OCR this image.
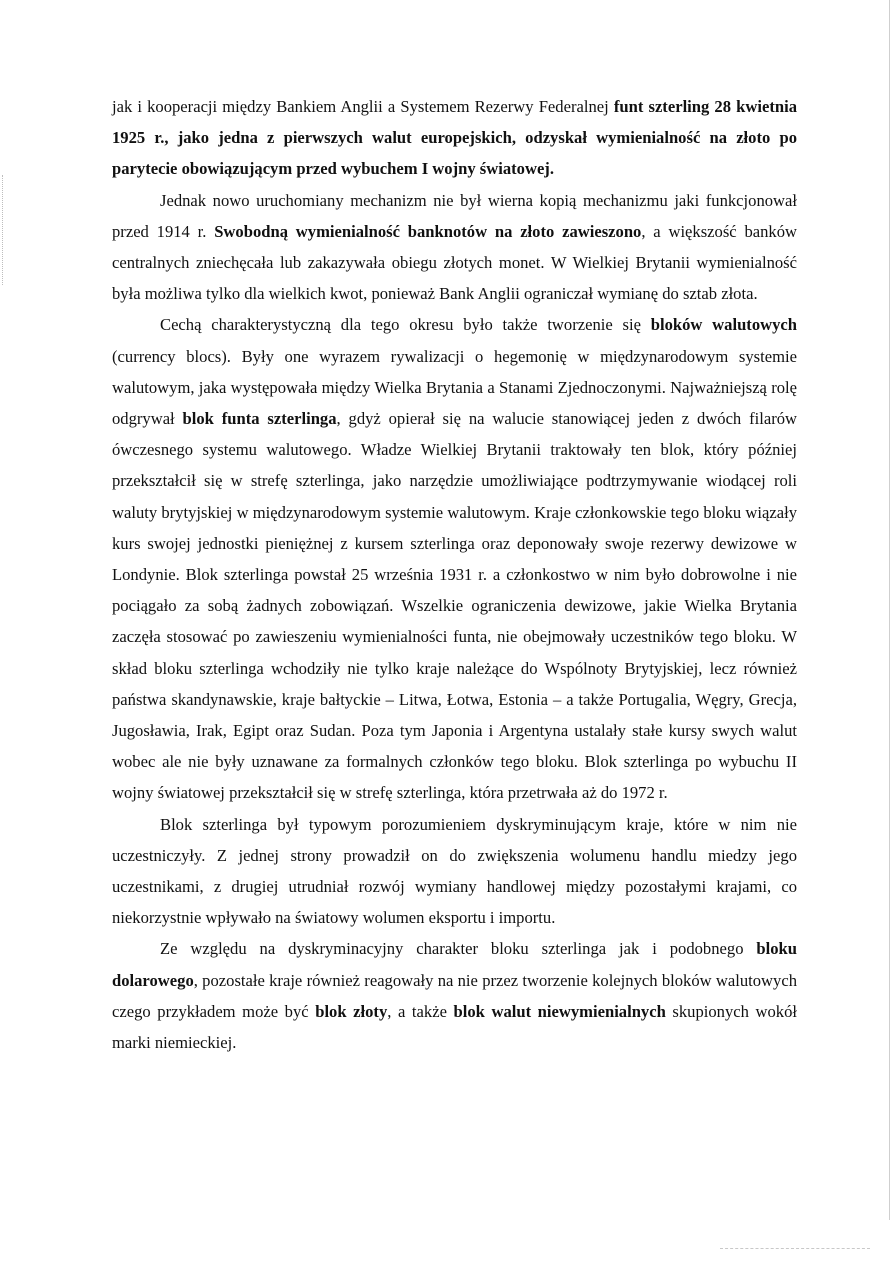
jak i kooperacji między Bankiem Anglii a Systemem Rezerwy Federalnej funt szterling 28 kwietnia 1925 r., jako jedna z pierwszych walut europejskich, odzyskał wymienialność na złoto po parytecie obowiązującym przed wybuchem I wojny światowej.

Jednak nowo uruchomiany mechanizm nie był wierna kopią mechanizmu jaki funkcjonował przed 1914 r. Swobodną wymienialność banknotów na złoto zawieszono, a większość banków centralnych zniechęcała lub zakazywała obiegu złotych monet. W Wielkiej Brytanii wymienialność była możliwa tylko dla wielkich kwot, ponieważ Bank Anglii ograniczał wymianę do sztab złota.

Cechą charakterystyczną dla tego okresu było także tworzenie się bloków walutowych (currency blocs). Były one wyrazem rywalizacji o hegemonię w międzynarodowym systemie walutowym, jaka występowała między Wielka Brytania a Stanami Zjednoczonymi. Najważniejszą rolę odgrywał blok funta szterlinga, gdyż opierał się na walucie stanowiącej jeden z dwóch filarów ówczesnego systemu walutowego. Władze Wielkiej Brytanii traktowały ten blok, który później przekształcił się w strefę szterlinga, jako narzędzie umożliwiające podtrzymywanie wiodącej roli waluty brytyjskiej w międzynarodowym systemie walutowym. Kraje członkowskie tego bloku wiązały kurs swojej jednostki pieniężnej z kursem szterlinga oraz deponowały swoje rezerwy dewizowe w Londynie. Blok szterlinga powstał 25 września 1931 r. a członkostwo w nim było dobrowolne i nie pociągało za sobą żadnych zobowiązań. Wszelkie ograniczenia dewizowe, jakie Wielka Brytania zaczęła stosować po zawieszeniu wymienialności funta, nie obejmowały uczestników tego bloku. W skład bloku szterlinga wchodziły nie tylko kraje należące do Wspólnoty Brytyjskiej, lecz również państwa skandynawskie, kraje bałtyckie – Litwa, Łotwa, Estonia – a także Portugalia, Węgry, Grecja, Jugosławia, Irak, Egipt oraz Sudan. Poza tym Japonia i Argentyna ustalały stałe kursy swych walut wobec ale nie były uznawane za formalnych członków tego bloku. Blok szterlinga po wybuchu II wojny światowej przekształcił się w strefę szterlinga, która przetrwała aż do 1972 r.

Blok szterlinga był typowym porozumieniem dyskryminującym kraje, które w nim nie uczestniczyły. Z jednej strony prowadził on do zwiększenia wolumenu handlu miedzy jego uczestnikami, z drugiej utrudniał rozwój wymiany handlowej między pozostałymi krajami, co niekorzystnie wpływało na światowy wolumen eksportu i importu.

Ze względu na dyskryminacyjny charakter bloku szterlinga jak i podobnego bloku dolarowego, pozostałe kraje również reagowały na nie przez tworzenie kolejnych bloków walutowych czego przykładem może być blok złoty, a także blok walut niewymienialnych skupionych wokół marki niemieckiej.
